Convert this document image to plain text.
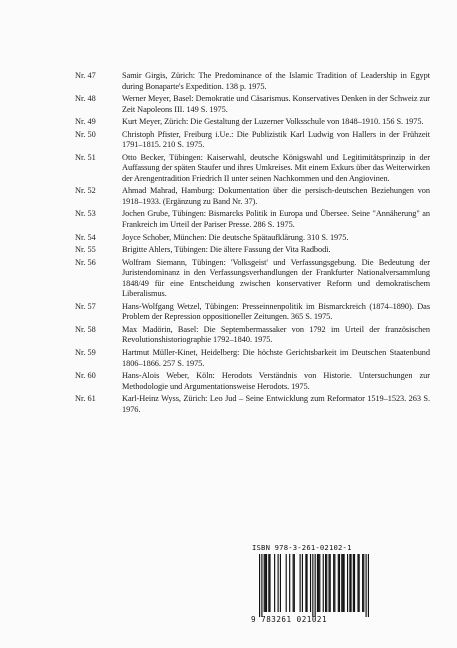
Nr. 47	Samir Girgis, Zürich: The Predominance of the Islamic Tradition of Leadership in Egypt during Bonaparte's Expedition. 138 p. 1975.
Nr. 48	Werner Meyer, Basel: Demokratie und Cäsarismus. Konservatives Denken in der Schweiz zur Zeit Napoleons III. 149 S. 1975.
Nr. 49	Kurt Meyer, Zürich: Die Gestaltung der Luzerner Volksschule von 1848–1910. 156 S. 1975.
Nr. 50	Christoph Pfister, Freiburg i.Ue.: Die Publizistik Karl Ludwig von Hallers in der Frühzeit 1791–1815. 210 S. 1975.
Nr. 51	Otto Becker, Tübingen: Kaiserwahl, deutsche Königswahl und Legitimitätsprinzip in der Auffassung der späten Staufer und ihres Umkreises. Mit einem Exkurs über das Weiterwirken der Arengentradition Friedrich II unter seinen Nachkommen und den Angiovinen.
Nr. 52	Ahmad Mahrad, Hamburg: Dokumentation über die persisch-deutschen Beziehungen von 1918–1933. (Ergänzung zu Band Nr. 37).
Nr. 53	Jochen Grube, Tübingen: Bismarcks Politik in Europa und Übersee. Seine "Annäherung" an Frankreich im Urteil der Pariser Presse. 286 S. 1975.
Nr. 54	Joyce Schober, München: Die deutsche Spätaufklärung. 310 S. 1975.
Nr. 55	Brigitte Ahlers, Tübingen: Die ältere Fassung der Vita Radbodi.
Nr. 56	Wolfram Siemann, Tübingen: 'Volksgeist' und Verfassungsgebung. Die Bedeutung der Juristendominanz in den Verfassungsverhandlungen der Frankfurter Nationalversammlung 1848/49 für eine Entscheidung zwischen konservativer Reform und demokratischem Liberalismus.
Nr. 57	Hans-Wolfgang Wetzel, Tübingen: Presseinnenpolitik im Bismarckreich (1874–1890). Das Problem der Repression oppositioneller Zeitungen. 365 S. 1975.
Nr. 58	Max Madörin, Basel: Die Septembermassaker von 1792 im Urteil der französischen Revolutionshistoriographie 1792–1840. 1975.
Nr. 59	Hartmut Müller-Kinet, Heidelberg: Die höchste Gerichtsbarkeit im Deutschen Staatenbund 1806–1866. 257 S. 1975.
Nr. 60	Hans-Alois Weber, Köln: Herodots Verständnis von Historie. Untersuchungen zur Methodologie und Argumentationsweise Herodots. 1975.
Nr. 61	Karl-Heinz Wyss, Zürich: Leo Jud – Seine Entwicklung zum Reformator 1519–1523. 263 S. 1976.
ISBN 978-3-261-02102-1
9 783261 021021
